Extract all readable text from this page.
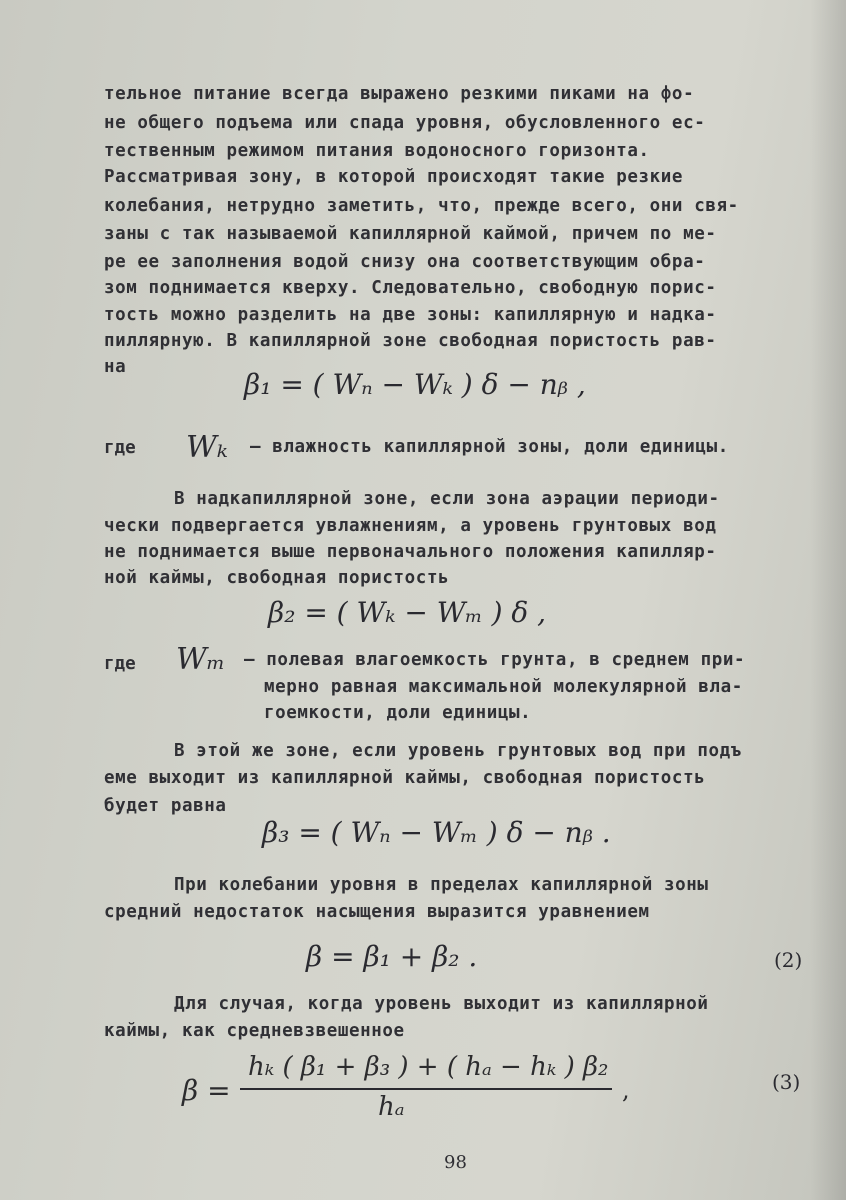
тельное питание всегда выражено резкими пиками на фо-
не общего подъема или спада уровня, обусловленного ес-
тественным режимом питания водоносного горизонта.
Рассматривая зону, в которой происходят такие резкие
колебания, нетрудно заметить, что, прежде всего, они свя-
заны с так называемой капиллярной каймой, причем по ме-
ре ее заполнения водой снизу она соответствующим обра-
зом поднимается кверху. Следовательно, свободную порис-
тость можно разделить на две зоны: капиллярную и надка-
пиллярную. В капиллярной зоне свободная пористость рав-
на
β₁ = ( Wₙ − Wₖ ) δ − nᵦ ,
где Wₖ – влажность капиллярной зоны, доли единицы.
В надкапиллярной зоне, если зона аэрации периоди-
чески подвергается увлажнениям, а уровень грунтовых вод
не поднимается выше первоначального положения капилляр-
ной каймы, свободная пористость
β₂ = ( Wₖ − Wₘ ) δ ,
где Wₘ – полевая влагоемкость грунта, в среднем при-
мерно равная максимальной молекулярной вла-
гоемкости, доли единицы.
В этой же зоне, если уровень грунтовых вод при подъ
еме выходит из капиллярной каймы, свободная пористость
будет равна
β₃ = ( Wₙ − Wₘ ) δ − nᵦ .
При колебании уровня в пределах капиллярной зоны
средний недостаток насыщения выразится уравнением
β = β₁ + β₂ .	(2)
Для случая, когда уровень выходит из капиллярной
каймы, как средневзвешенное
β =
hₖ ( β₁ + β₃ ) + ( hₐ − hₖ ) β₂
hₐ
,	(3)
98
